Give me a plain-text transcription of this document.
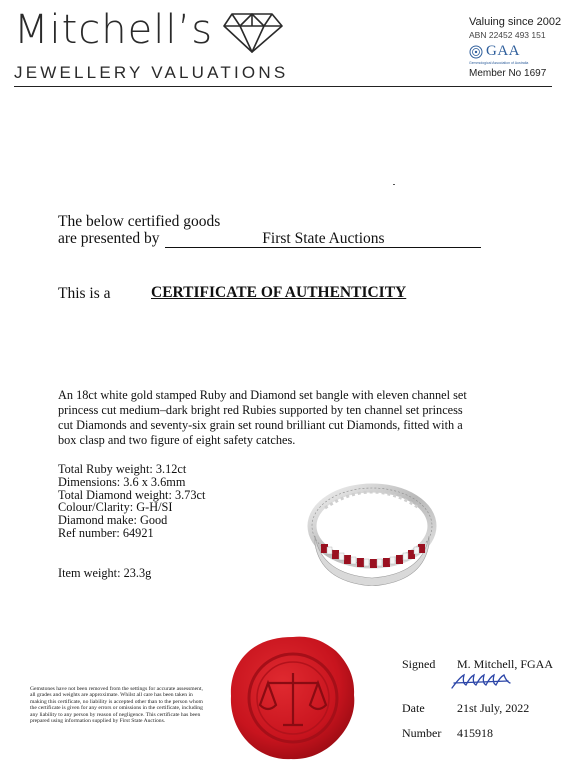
Mitchell’s
JEWELLERY VALUATIONS
Valuing since 2002
ABN 22452 493 151
GAA
Gemmological Association of Australia
Member No 1697
The below certified goods
are presented by	First State Auctions
This is a	CERTIFICATE OF AUTHENTICITY
An 18ct white gold stamped Ruby and Diamond set bangle with eleven channel set princess cut medium–dark bright red Rubies supported by ten channel set princess cut Diamonds and seventy-six grain set round brilliant cut Diamonds, fitted with a box clasp and two figure of eight safety catches.
Total Ruby weight: 3.12ct
Dimensions: 3.6 x 3.6mm
Total Diamond weight: 3.73ct
Colour/Clarity: G-H/SI
Diamond make: Good
Ref number: 64921
Item weight: 23.3g
Gemstones have not been removed from the settings for accurate assessment, all grades and weights are approximate. Whilst all care has been taken in making this certificate, no liability is accepted other than to the person whom the certificate is given for any errors or omissions in the certificate, including any liability to any person by reason of negligence. This certificate has been prepared using information supplied by First State Auctions.
Signed M. Mitchell, FGAA
Date	21st July, 2022
Number 415918
